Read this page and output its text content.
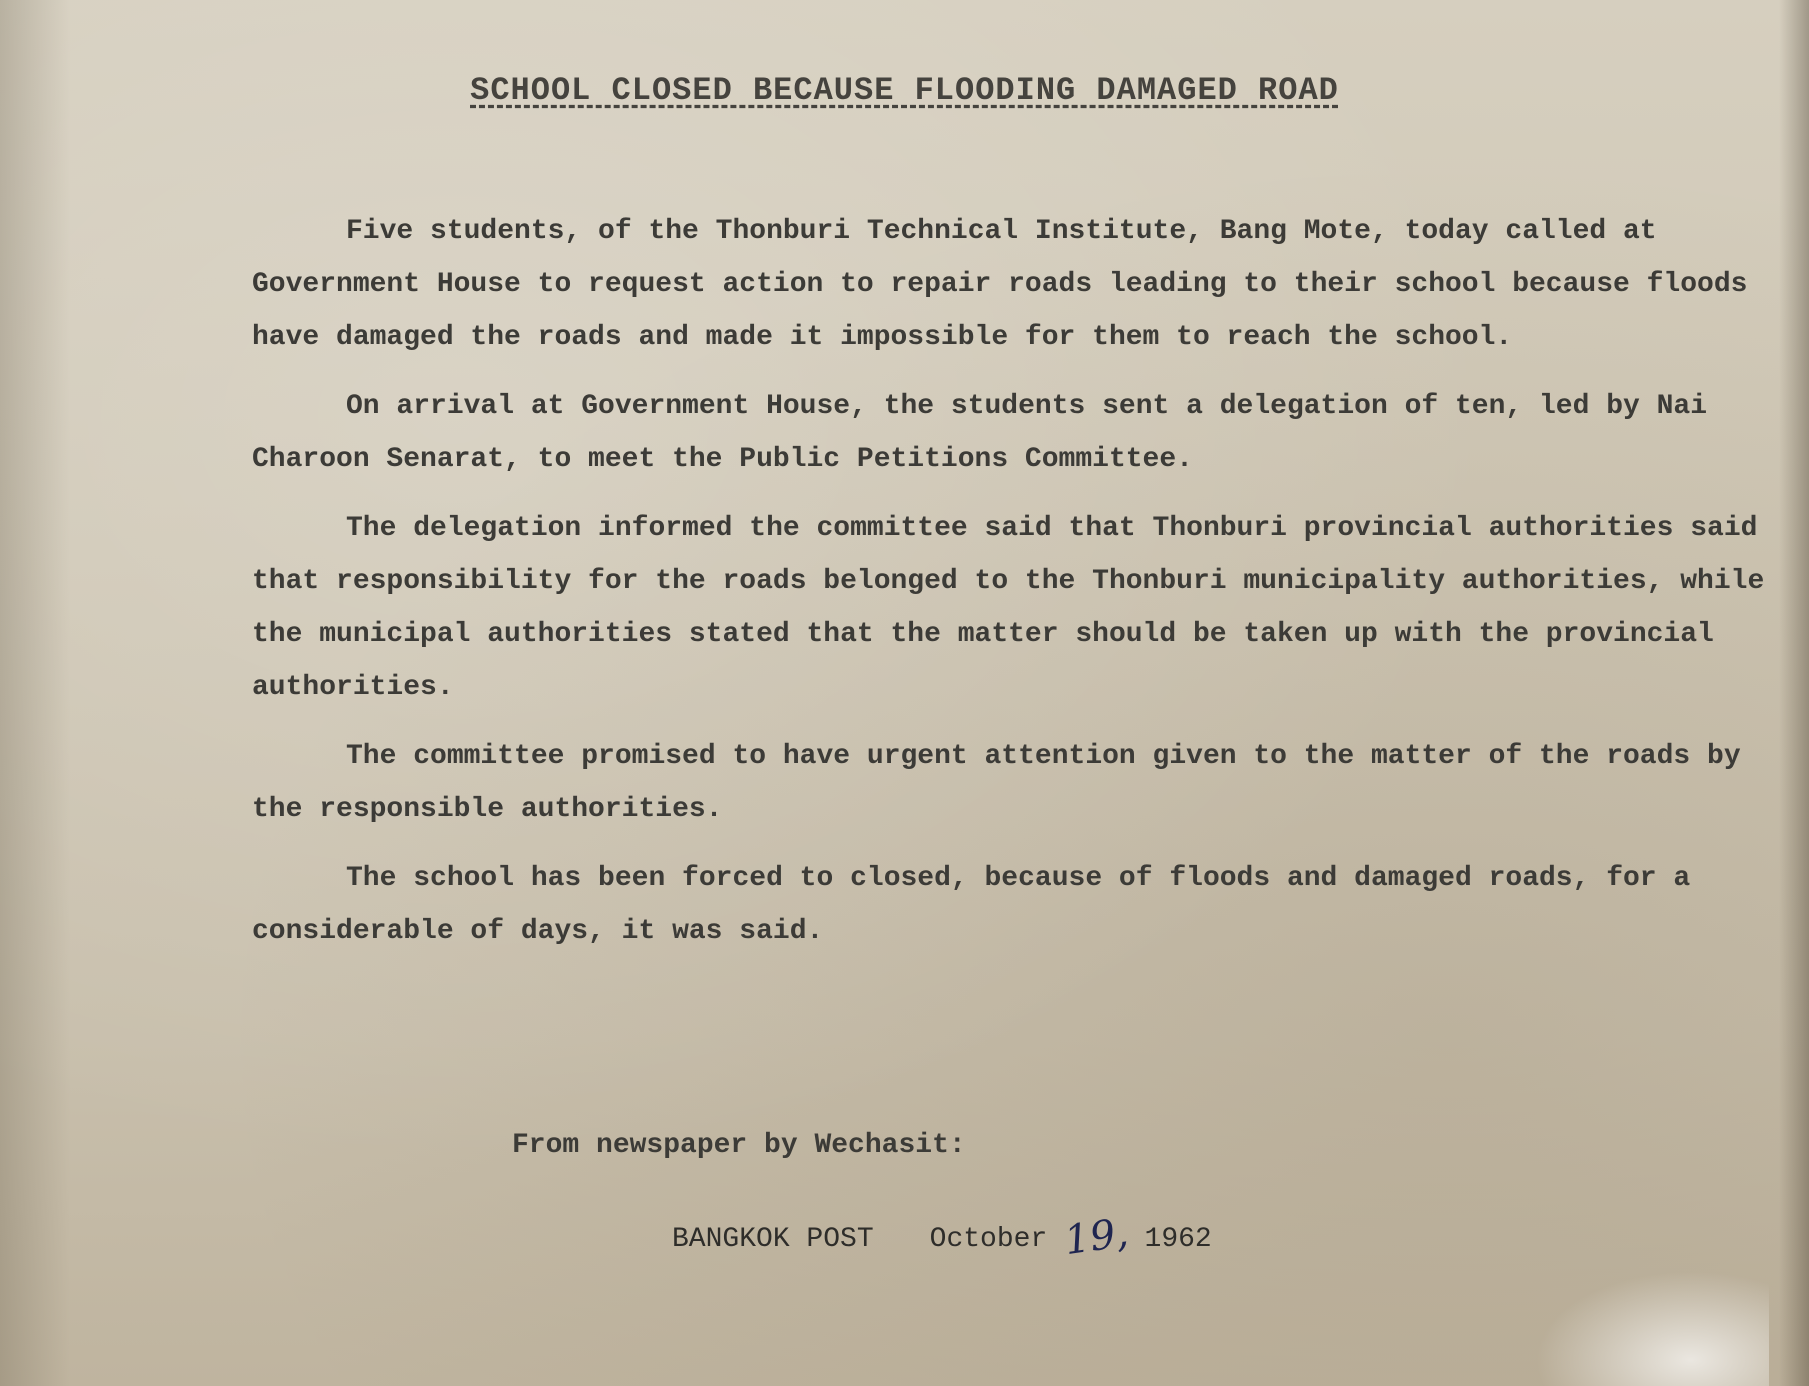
SCHOOL CLOSED BECAUSE FLOODING DAMAGED ROAD

Five students, of the Thonburi Technical Institute, Bang Mote, today called at Government House to request action to repair roads leading to their school because floods have damaged the roads and made it impossible for them to reach the school.

On arrival at Government House, the students sent a delegation of ten, led by Nai Charoon Senarat, to meet the Public Petitions Committee.

The delegation informed the committee said that Thonburi provincial authorities said that responsibility for the roads belonged to the Thonburi municipality authorities, while the municipal authorities stated that the matter should be taken up with the provincial authorities.

The committee promised to have urgent attention given to the matter of the roads by the responsible authorities.

The school has been forced to closed, because of floods and damaged roads, for a considerable of days, it was said.

From newspaper by Wechasit:
BANGKOK POST October 19, 1962
